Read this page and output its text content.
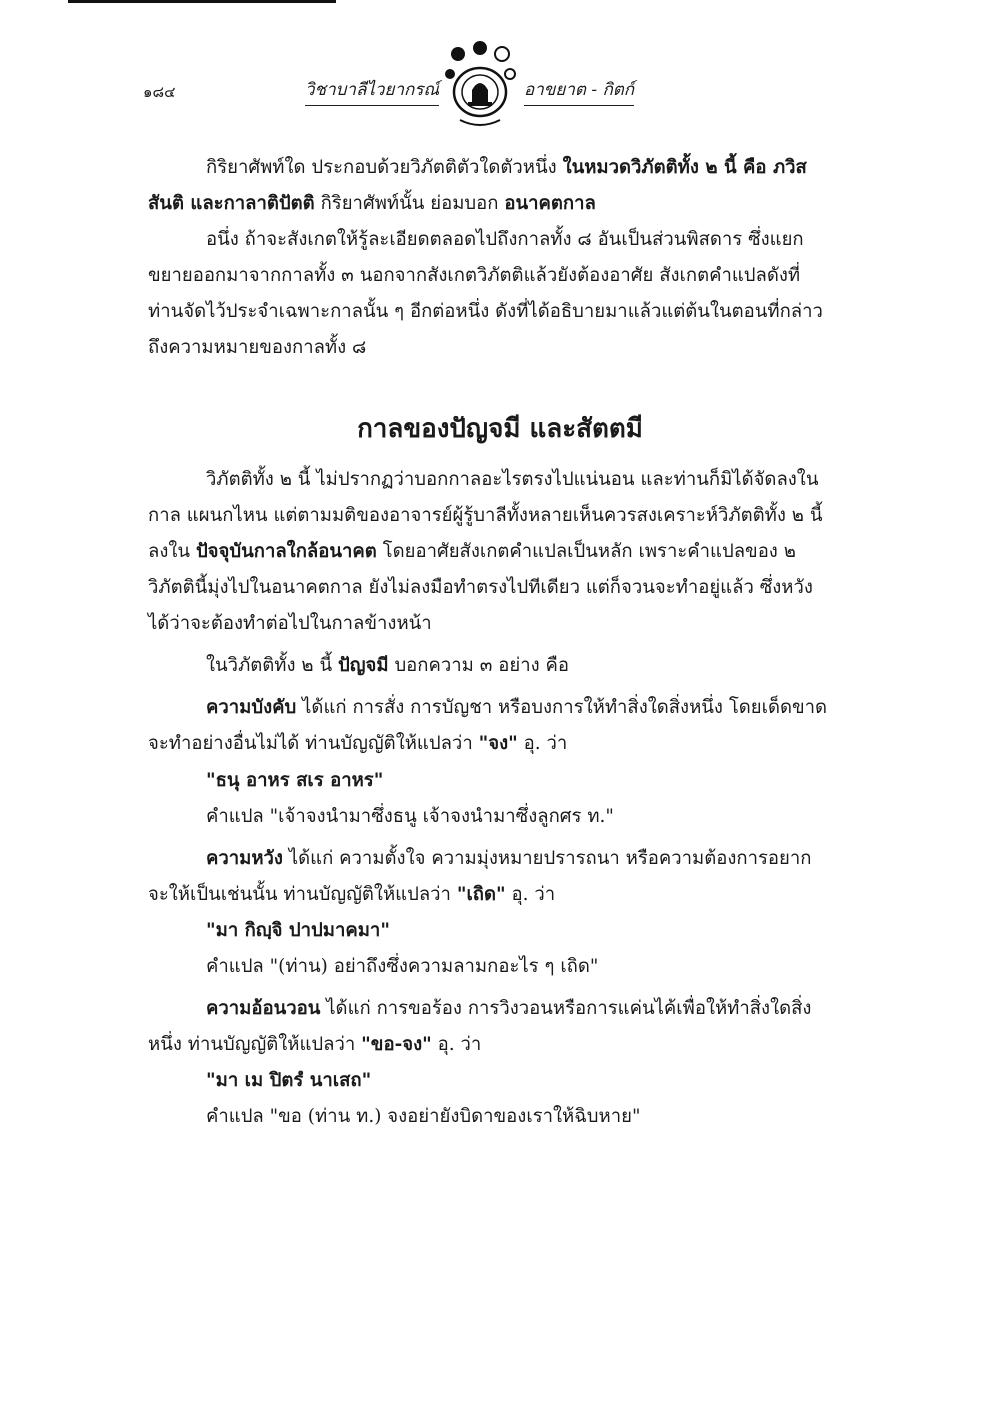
๑๘๔	วิชาบาลีไวยากรณ์	อาขยาต - กิตก์

กิริยาศัพท์ใด ประกอบด้วยวิภัตติตัวใดตัวหนึ่ง ในหมวดวิภัตติทั้ง ๒ นี้ คือ ภวิสสันติ และกาลาติปัตติ กิริยาศัพท์นั้น ย่อมบอก อนาคตกาล

อนึ่ง ถ้าจะสังเกตให้รู้ละเอียดตลอดไปถึงกาลทั้ง ๘ อันเป็นส่วนพิสดาร ซึ่งแยกขยายออกมาจากกาลทั้ง ๓ นอกจากสังเกตวิภัตติแล้วยังต้องอาศัย สังเกตคำแปลดังที่ท่านจัดไว้ประจำเฉพาะกาลนั้น ๆ อีกต่อหนึ่ง ดังที่ได้อธิบายมาแล้วแต่ต้นในตอนที่กล่าวถึงความหมายของกาลทั้ง ๘

กาลของปัญจมี และสัตตมี

วิภัตติทั้ง ๒ นี้ ไม่ปรากฏว่าบอกกาลอะไรตรงไปแน่นอน และท่านก็มิได้จัดลงในกาล แผนกไหน แต่ตามมติของอาจารย์ผู้รู้บาลีทั้งหลายเห็นควรสงเคราะห์วิภัตติทั้ง ๒ นี้ลงใน ปัจจุบันกาลใกล้อนาคต โดยอาศัยสังเกตคำแปลเป็นหลัก เพราะคำแปลของ ๒ วิภัตตินี้มุ่งไปในอนาคตกาล ยังไม่ลงมือทำตรงไปทีเดียว แต่ก็จวนจะทำอยู่แล้ว ซึ่งหวังได้ว่าจะต้องทำต่อไปในกาลข้างหน้า

ในวิภัตติทั้ง ๒ นี้ ปัญจมี บอกความ ๓ อย่าง คือ

ความบังคับ ได้แก่ การสั่ง การบัญชา หรือบงการให้ทำสิ่งใดสิ่งหนึ่ง โดยเด็ดขาด จะทำอย่างอื่นไม่ได้ ท่านบัญญัติให้แปลว่า "จง" อุ. ว่า

"ธนุ อาหร สเร อาหร"

คำแปล "เจ้าจงนำมาซึ่งธนู เจ้าจงนำมาซึ่งลูกศร ท."

ความหวัง ได้แก่ ความตั้งใจ ความมุ่งหมายปรารถนา หรือความต้องการอยากจะให้เป็นเช่นนั้น ท่านบัญญัติให้แปลว่า "เถิด" อุ. ว่า

"มา กิญฺจิ ปาปมาคมา"

คำแปล "(ท่าน) อย่าถึงซึ่งความลามกอะไร ๆ เถิด"

ความอ้อนวอน ได้แก่ การขอร้อง การวิงวอนหรือการแค่นไค้เพื่อให้ทำสิ่งใดสิ่งหนึ่ง ท่านบัญญัติให้แปลว่า "ขอ-จง" อุ. ว่า

"มา เม ปิตรํ นาเสถ"

คำแปล "ขอ (ท่าน ท.) จงอย่ายังบิดาของเราให้ฉิบหาย"
